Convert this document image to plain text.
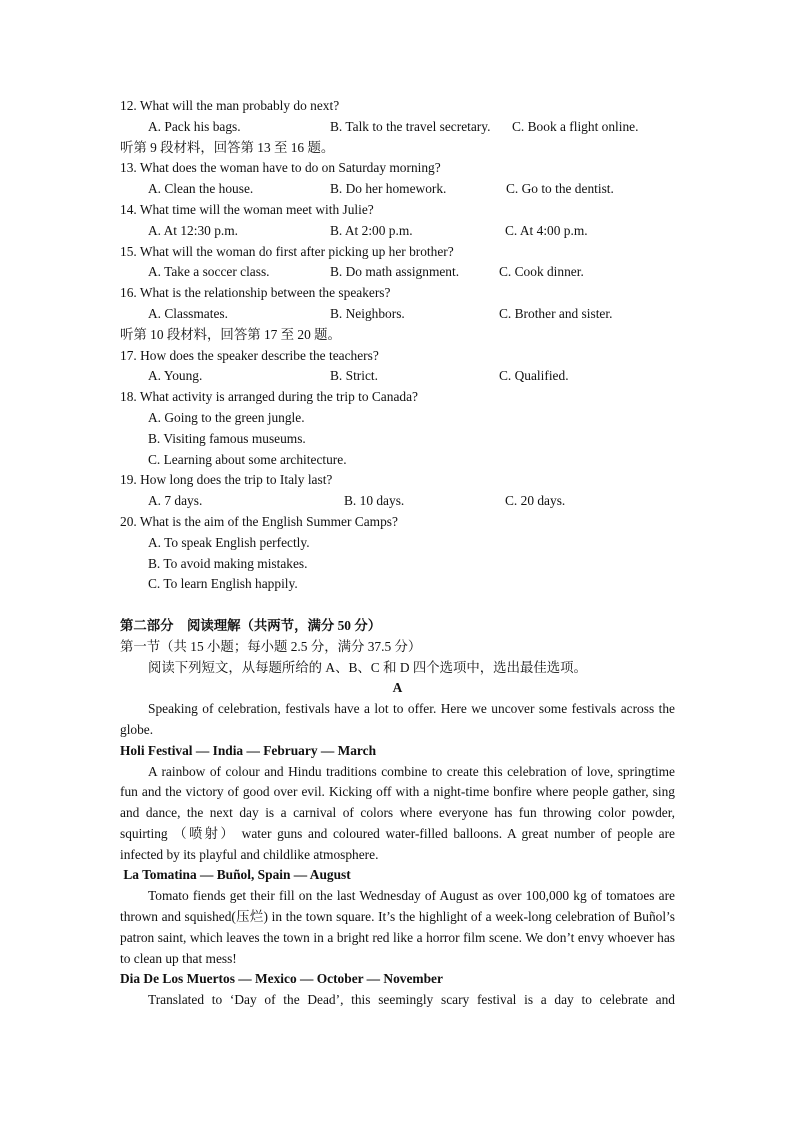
12. What will the man probably do next?
A. Pack his bags.	B. Talk to the travel secretary. C. Book a flight online.
听第 9 段材料，回答第 13 至 16 题。
13. What does the woman have to do on Saturday morning?
A. Clean the house.	B. Do her homework.	C. Go to the dentist.
14. What time will the woman meet with Julie?
A. At 12:30 p.m.	B. At 2:00 p.m.	C. At 4:00 p.m.
15. What will the woman do first after picking up her brother?
A. Take a soccer class.	B. Do math assignment.	C. Cook dinner.
16. What is the relationship between the speakers?
A. Classmates.	B. Neighbors.	C. Brother and sister.
听第 10 段材料，回答第 17 至 20 题。
17. How does the speaker describe the teachers?
A. Young.	B. Strict.	C. Qualified.
18. What activity is arranged during the trip to Canada?
A. Going to the green jungle.
B. Visiting famous museums.
C. Learning about some architecture.
19. How long does the trip to Italy last?
A. 7 days.	B. 10 days.	C. 20 days.
20. What is the aim of the English Summer Camps?
A. To speak English perfectly.
B. To avoid making mistakes.
C. To learn English happily.
第二部分　阅读理解（共两节，满分 50 分）
第一节（共 15 小题；每小题 2.5 分，满分 37.5 分）
阅读下列短文，从每题所给的 A、B、C 和 D 四个选项中，选出最佳选项。
A

Speaking of celebration, festivals have a lot to offer. Here we uncover some festivals across the globe.

Holi Festival — India — February — March

A rainbow of colour and Hindu traditions combine to create this celebration of love, springtime fun and the victory of good over evil. Kicking off with a night-time bonfire where people gather, sing and dance, the next day is a carnival of colors where everyone has fun throwing color powder, squirting （喷射） water guns and coloured water-filled balloons. A great number of people are infected by its playful and childlike atmosphere.

La Tomatina — Buñol, Spain — August

Tomato fiends get their fill on the last Wednesday of August as over 100,000 kg of tomatoes are thrown and squished(压烂) in the town square. It’s the highlight of a week-long celebration of Buñol’s patron saint, which leaves the town in a bright red like a horror film scene. We don’t envy whoever has to clean up that mess!

Dia De Los Muertos — Mexico — October — November

Translated to ‘Day of the Dead’, this seemingly scary festival is a day to celebrate and
